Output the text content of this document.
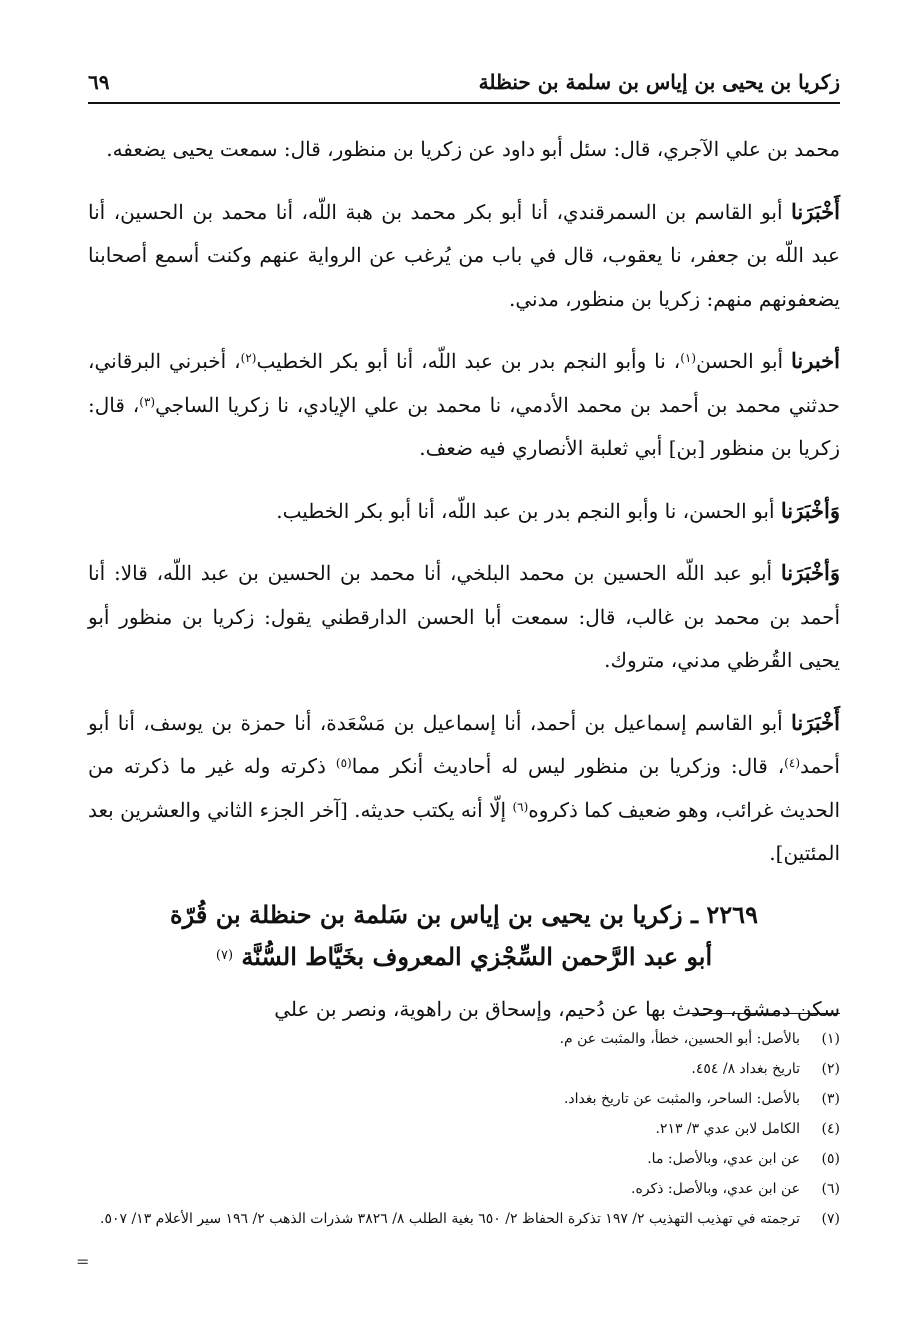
زكريا بن يحيى بن إياس بن سلمة بن حنظلة
٦٩

محمد بن علي الآجري، قال: سئل أبو داود عن زكريا بن منظور، قال: سمعت يحيى يضعفه.

أَخْبَرَنا أبو القاسم بن السمرقندي، أنا أبو بكر محمد بن هبة اللّه، أنا محمد بن الحسين، أنا عبد اللّه بن جعفر، نا يعقوب، قال في باب من يُرغب عن الرواية عنهم وكنت أسمع أصحابنا يضعفونهم منهم: زكريا بن منظور، مدني.

أخبرنا أبو الحسن$^{(١)}$، نا وأبو النجم بدر بن عبد اللّه، أنا أبو بكر الخطيب$^{(٢)}$، أخبرني البرقاني، حدثني محمد بن أحمد بن محمد الأدمي، نا محمد بن علي الإيادي، نا زكريا الساجي$^{(٣)}$، قال: زكريا بن منظور [بن] أبي ثعلبة الأنصاري فيه ضعف.

وَأخْبَرَنا أبو الحسن، نا وأبو النجم بدر بن عبد اللّه، أنا أبو بكر الخطيب.

وَأخْبَرَنا أبو عبد اللّه الحسين بن محمد البلخي، أنا محمد بن الحسين بن عبد اللّه، قالا: أنا أحمد بن محمد بن غالب، قال: سمعت أبا الحسن الدارقطني يقول: زكريا بن منظور أبو يحيى القُرظي مدني، متروك.

أَخْبَرَنا أبو القاسم إسماعيل بن أحمد، أنا إسماعيل بن مَسْعَدة، أنا حمزة بن يوسف، أنا أبو أحمد$^{(٤)}$، قال: وزكريا بن منظور ليس له أحاديث أنكر مما$^{(٥)}$ ذكرته وله غير ما ذكرته من الحديث غرائب، وهو ضعيف كما ذكروه$^{(٦)}$ إلّا أنه يكتب حديثه. [آخر الجزء الثاني والعشرين بعد المئتين].

٢٢٦٩ ـ زكريا بن يحيى بن إياس بن سَلمة بن حنظلة بن قُرّة
أبو عبد الرَّحمن السِّجْزي المعروف بخَيَّاط السُّنَّة $^{(٧)}$

سكن دمشق، وحدث بها عن دُحيم، وإسحاق بن راهوية، ونصر بن علي

(١)
بالأصل: أبو الحسين، خطأ، والمثبت عن م.
(٢)
تاريخ بغداد ٨/ ٤٥٤.
(٣)
بالأصل: الساحر، والمثبت عن تاريخ بغداد.
(٤)
الكامل لابن عدي ٣/ ٢١٣.
(٥)
عن ابن عدي، وبالأصل: ما.
(٦)
عن ابن عدي، وبالأصل: ذكره.
(٧)
ترجمته في تهذيب التهذيب ٢/ ١٩٧ تذكرة الحفاظ ٢/ ٦٥٠ بغية الطلب ٨/ ٣٨٢٦ شذرات الذهب ٢/ ١٩٦ سير الأعلام ١٣/ ٥٠٧.
=
